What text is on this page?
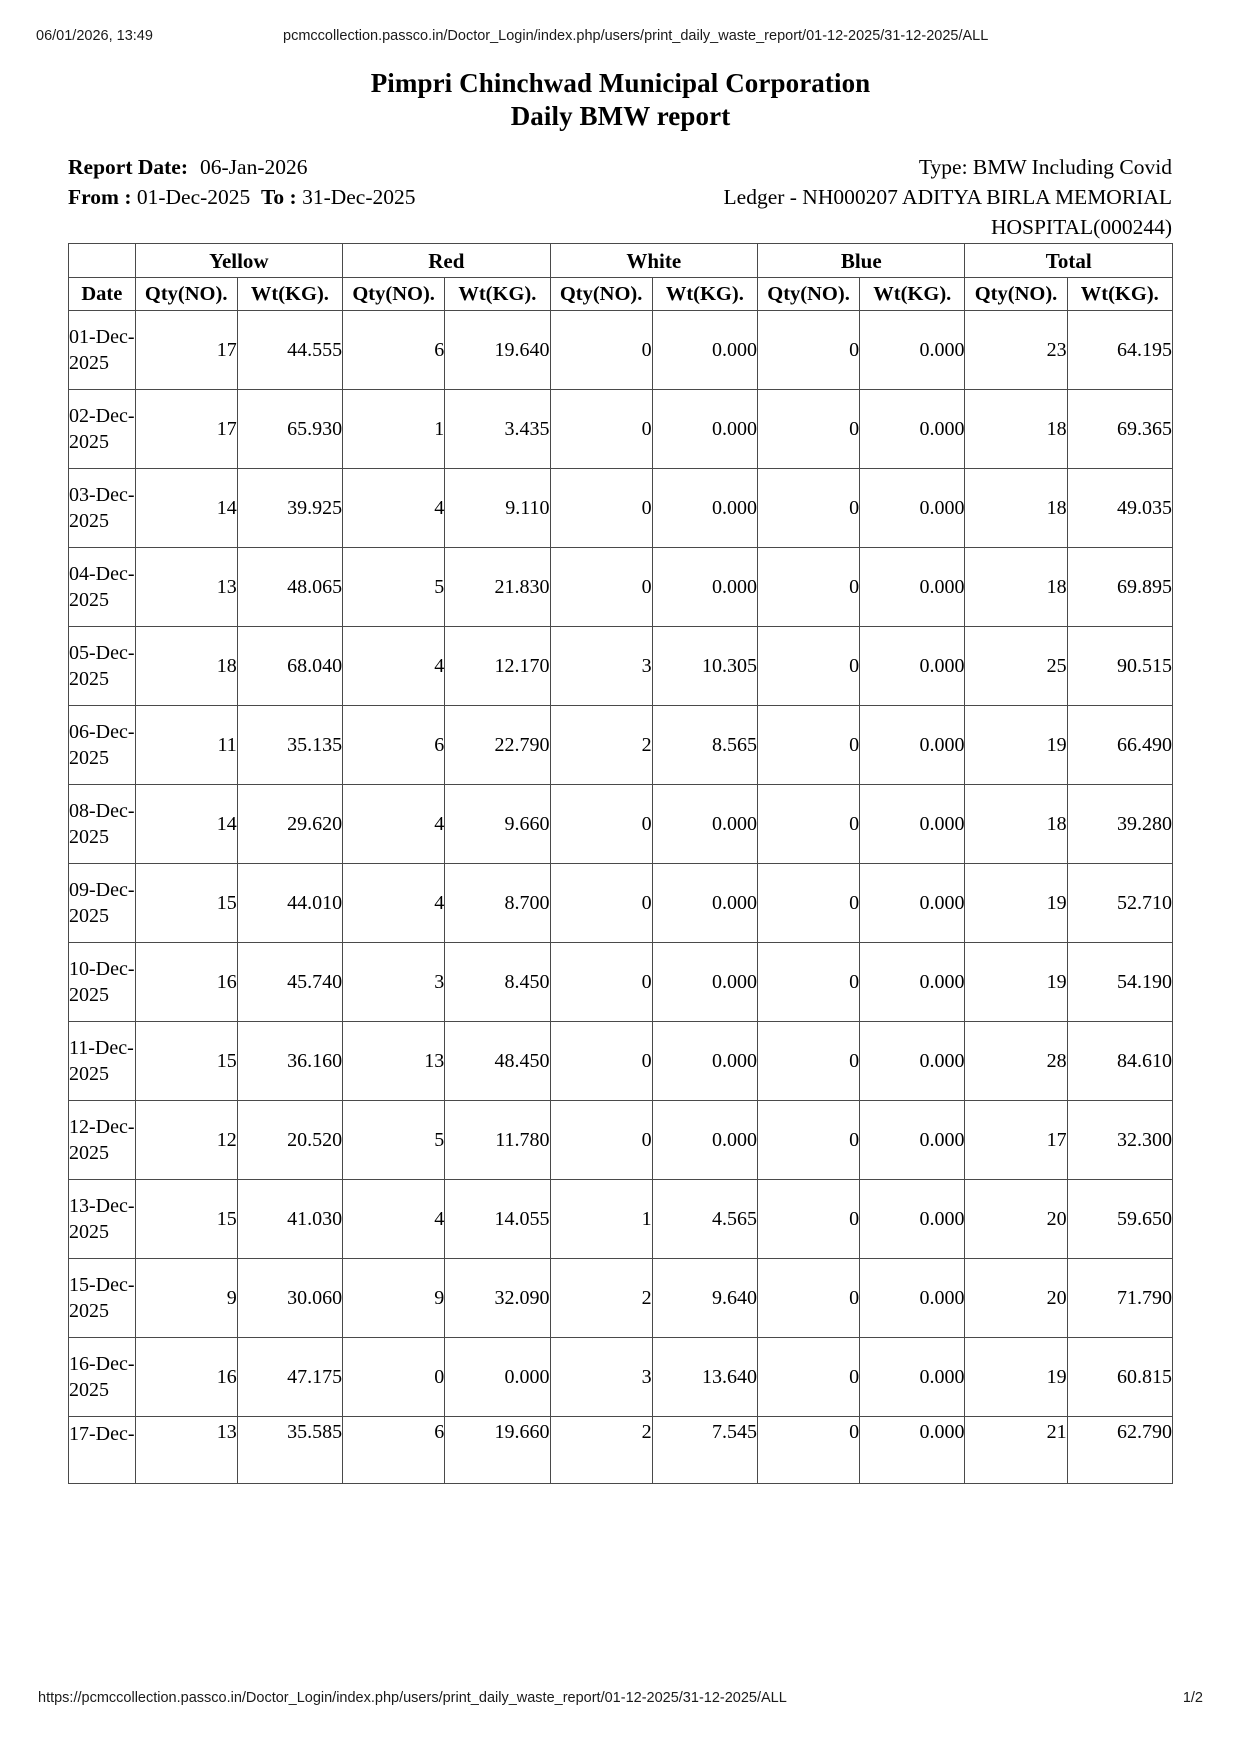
06/01/2026, 13:49	pcmccollection.passco.in/Doctor_Login/index.php/users/print_daily_waste_report/01-12-2025/31-12-2025/ALL
Pimpri Chinchwad Municipal Corporation
Daily BMW report
Report Date: 06-Jan-2026
From : 01-Dec-2025 To : 31-Dec-2025
Type: BMW Including Covid
Ledger - NH000207 ADITYA BIRLA MEMORIAL HOSPITAL(000244)
	Yellow		Red		White		Blue		Total	
Date	Qty(NO).	Wt(KG).	Qty(NO).	Wt(KG).	Qty(NO).	Wt(KG).	Qty(NO).	Wt(KG).	Qty(NO).	Wt(KG).
01-Dec-2025	17	44.555	6	19.640	0	0.000	0	0.000	23	64.195
02-Dec-2025	17	65.930	1	3.435	0	0.000	0	0.000	18	69.365
03-Dec-2025	14	39.925	4	9.110	0	0.000	0	0.000	18	49.035
04-Dec-2025	13	48.065	5	21.830	0	0.000	0	0.000	18	69.895
05-Dec-2025	18	68.040	4	12.170	3	10.305	0	0.000	25	90.515
06-Dec-2025	11	35.135	6	22.790	2	8.565	0	0.000	19	66.490
08-Dec-2025	14	29.620	4	9.660	0	0.000	0	0.000	18	39.280
09-Dec-2025	15	44.010	4	8.700	0	0.000	0	0.000	19	52.710
10-Dec-2025	16	45.740	3	8.450	0	0.000	0	0.000	19	54.190
11-Dec-2025	15	36.160	13	48.450	0	0.000	0	0.000	28	84.610
12-Dec-2025	12	20.520	5	11.780	0	0.000	0	0.000	17	32.300
13-Dec-2025	15	41.030	4	14.055	1	4.565	0	0.000	20	59.650
15-Dec-2025	9	30.060	9	32.090	2	9.640	0	0.000	20	71.790
16-Dec-2025	16	47.175	0	0.000	3	13.640	0	0.000	19	60.815
17-Dec-	13	35.585	6	19.660	2	7.545	0	0.000	21	62.790
https://pcmccollection.passco.in/Doctor_Login/index.php/users/print_daily_waste_report/01-12-2025/31-12-2025/ALL	1/2
